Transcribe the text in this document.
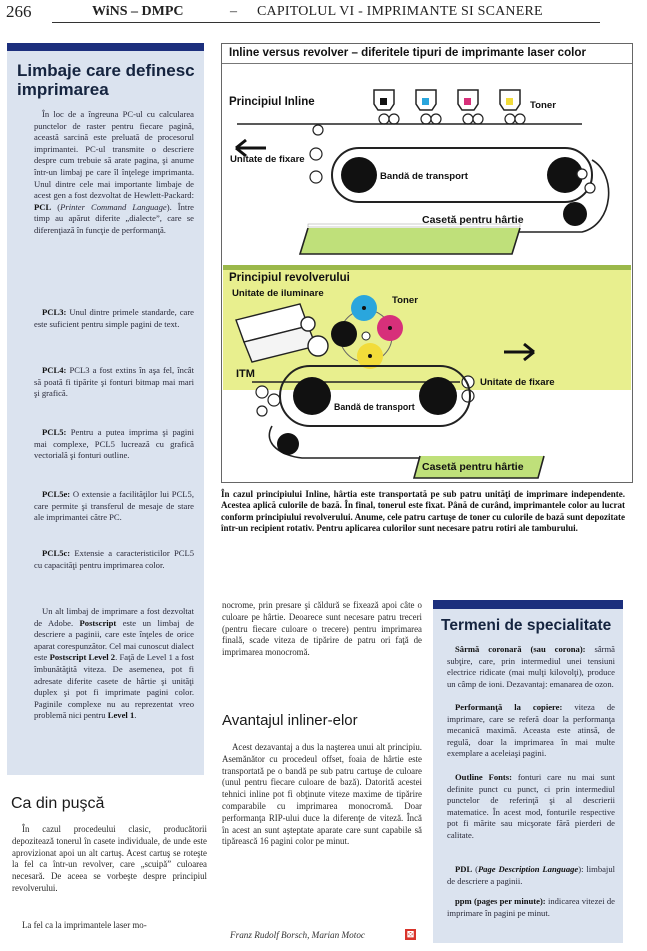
266	WiNS – DMPC	– CAPITOLUL VI - IMPRIMANTE SI SCANERE
Limbaje care definesc
imprimarea
În loc de a îngreuna PC-ul cu calcularea punctelor de raster pentru fiecare pagină, această sarcină este preluată de procesorul imprimantei. PC-ul transmite o descriere despre cum trebuie să arate pagina, şi anume într-un limbaj pe care îl înţelege imprimanta. Unul dintre cele mai importante limbaje de acest gen a fost dezvoltat de Hewlett-Packard: PCL (Printer Command Language). Între timp au apărut diferite „dialecte”, care se diferenţiază în funcţie de performanţă.
PCL3: Unul dintre primele standarde, care este suficient pentru simple pagini de text.
PCL4: PCL3 a fost extins în aşa fel, încât să poată fi tipărite şi fonturi bitmap mai mari şi grafică.
PCL5: Pentru a putea imprima şi pagini mai complexe, PCL5 lucrează cu grafică vectorială şi fonturi outline.
PCL5e: O extensie a facilităţilor lui PCL5, care permite şi transferul de mesaje de stare ale imprimantei către PC.
PCL5c: Extensie a caracteristicilor PCL5 cu capacităţi pentru imprimarea color.
Un alt limbaj de imprimare a fost dezvoltat de Adobe. Postscript este un limbaj de descriere a paginii, care este înţeles de orice aparat corespunzător. Cel mai cunoscut dialect este Postscript Level 2. Faţă de Level 1 a fost îmbunătăţită viteza. De asemenea, pot fi adresate diferite casete de hârtie şi unităţi duplex şi pot fi imprimate pagini color. Paginile complexe nu au reprezentat vreo problemă nici pentru Level 1.
Inline versus revolver – diferitele tipuri de imprimante laser color
Principiul Inline	Toner
Unitate de fixare
Bandă de transport
Casetă pentru hârtie
Principiul revolverului
Unitate de iluminare
Toner
ITM
Unitate de fixare
Bandă de transport
Casetă pentru hârtie
În cazul principiului Inline, hârtia este transportată pe sub patru unităţi de imprimare independente. Acestea aplică culorile de bază. În final, tonerul este fixat. Până de curând, imprimantele color au lucrat conform principiului revolverului. Anume, cele patru cartuşe de toner cu culorile de bază sunt depozitate într-un recipient rotativ. Pentru aplicarea culorilor sunt necesare patru rotiri ale tamburului.
Ca din puşcă
În cazul procedeului clasic, producătorii depozitează tonerul în casete individuale, de unde este aprovizionat apoi un alt cartuş. Acest cartuş se roteşte la fel ca într-un revolver, care „scuipă” culoarea necesară. De aceea se vorbeşte despre principiul revolverului.
La fel ca la imprimantele laser mo-
nocrome, prin presare şi căldură se fixează apoi câte o culoare pe hârtie. Deoarece sunt necesare patru treceri (pentru fiecare culoare o trecere) pentru imprimarea finală, scade viteza de tipărire de patru ori faţă de imprimarea monocromă.
Avantajul inliner-elor
Acest dezavantaj a dus la naşterea unui alt principiu. Asemănător cu procedeul offset, foaia de hârtie este transportată pe o bandă pe sub patru cartuşe de culoare (unul pentru fiecare culoare de bază). Datorită acestei tehnici inline pot fi obţinute viteze maxime de tipărire comparabile cu imprimarea monocromă. Doar performanţa RIP-ului duce la diferenţe de viteză. Încă în acest an sunt aşteptate aparate care sunt capabile să tipărească 16 pagini color pe minut.
Franz Rudolf Borsch, Marian Motoc	⊠
Termeni de specialitate
Sârmă coronară (sau corona): sârmă subţire, care, prin intermediul unei tensiuni electrice ridicate (mai mulţi kilovolţi), produce un câmp de ioni. Dezavantaj: emanarea de ozon.
Performanţă la copiere: viteza de imprimare, care se referă doar la performanţa mecanică maximă. Aceasta este atinsă, de regulă, doar la imprimarea în mai multe exemplare a aceleiaşi pagini.
Outline Fonts: fonturi care nu mai sunt definite punct cu punct, ci prin intermediul punctelor de referinţă şi al descrierii matematice. În acest mod, fonturile respective pot fi mărite sau micşorate fără pierderi de calitate.
PDL (Page Description Language): limbajul de descriere a paginii.
ppm (pages per minute): indicarea vitezei de imprimare în pagini pe minut.
